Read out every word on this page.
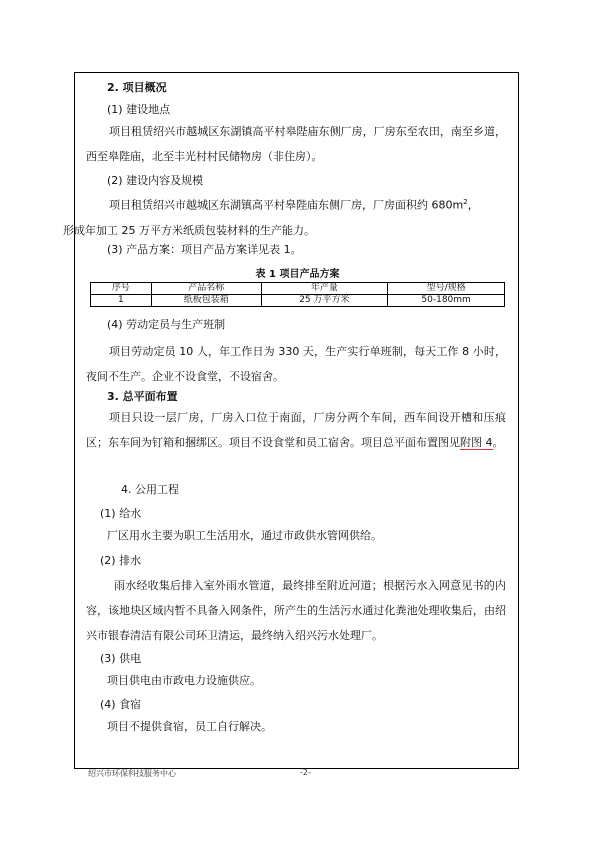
2. 项目概况
(1) 建设地点
项目租赁绍兴市越城区东湖镇高平村皋陛庙东侧厂房，厂房东至农田，南至乡道，西至皋陛庙，北至丰光村村民储物房（非住房）。
(2) 建设内容及规模
项目租赁绍兴市越城区东湖镇高平村皋陛庙东侧厂房，厂房面积约 $680m^2$，
形成年加工 25 万平方米纸质包装材料的生产能力。
(3) 产品方案：项目产品方案详见表 1。
表 1 项目产品方案
序号	产品名称	年产量	型号/规格
1	纸板包装箱	25 万平方米	50-180mm
(4) 劳动定员与生产班制
项目劳动定员 10 人，年工作日为 330 天，生产实行单班制，每天工作 8 小时，夜间不生产。企业不设食堂，不设宿舍。
3. 总平面布置
项目只设一层厂房，厂房入口位于南面，厂房分两个车间，西车间设开槽和压痕区；东车间为钉箱和捆绑区。项目不设食堂和员工宿舍。项目总平面布置图见附图 4。
4. 公用工程
(1) 给水
厂区用水主要为职工生活用水，通过市政供水管网供给。
(2) 排水
雨水经收集后排入室外雨水管道，最终排至附近河道；根据污水入网意见书的内容，该地块区域内暂不具备入网条件，所产生的生活污水通过化粪池处理收集后，由绍兴市银春清洁有限公司环卫清运，最终纳入绍兴污水处理厂。
(3) 供电
项目供电由市政电力设施供应。
(4) 食宿
项目不提供食宿，员工自行解决。
绍兴市环保科技服务中心	-2-
